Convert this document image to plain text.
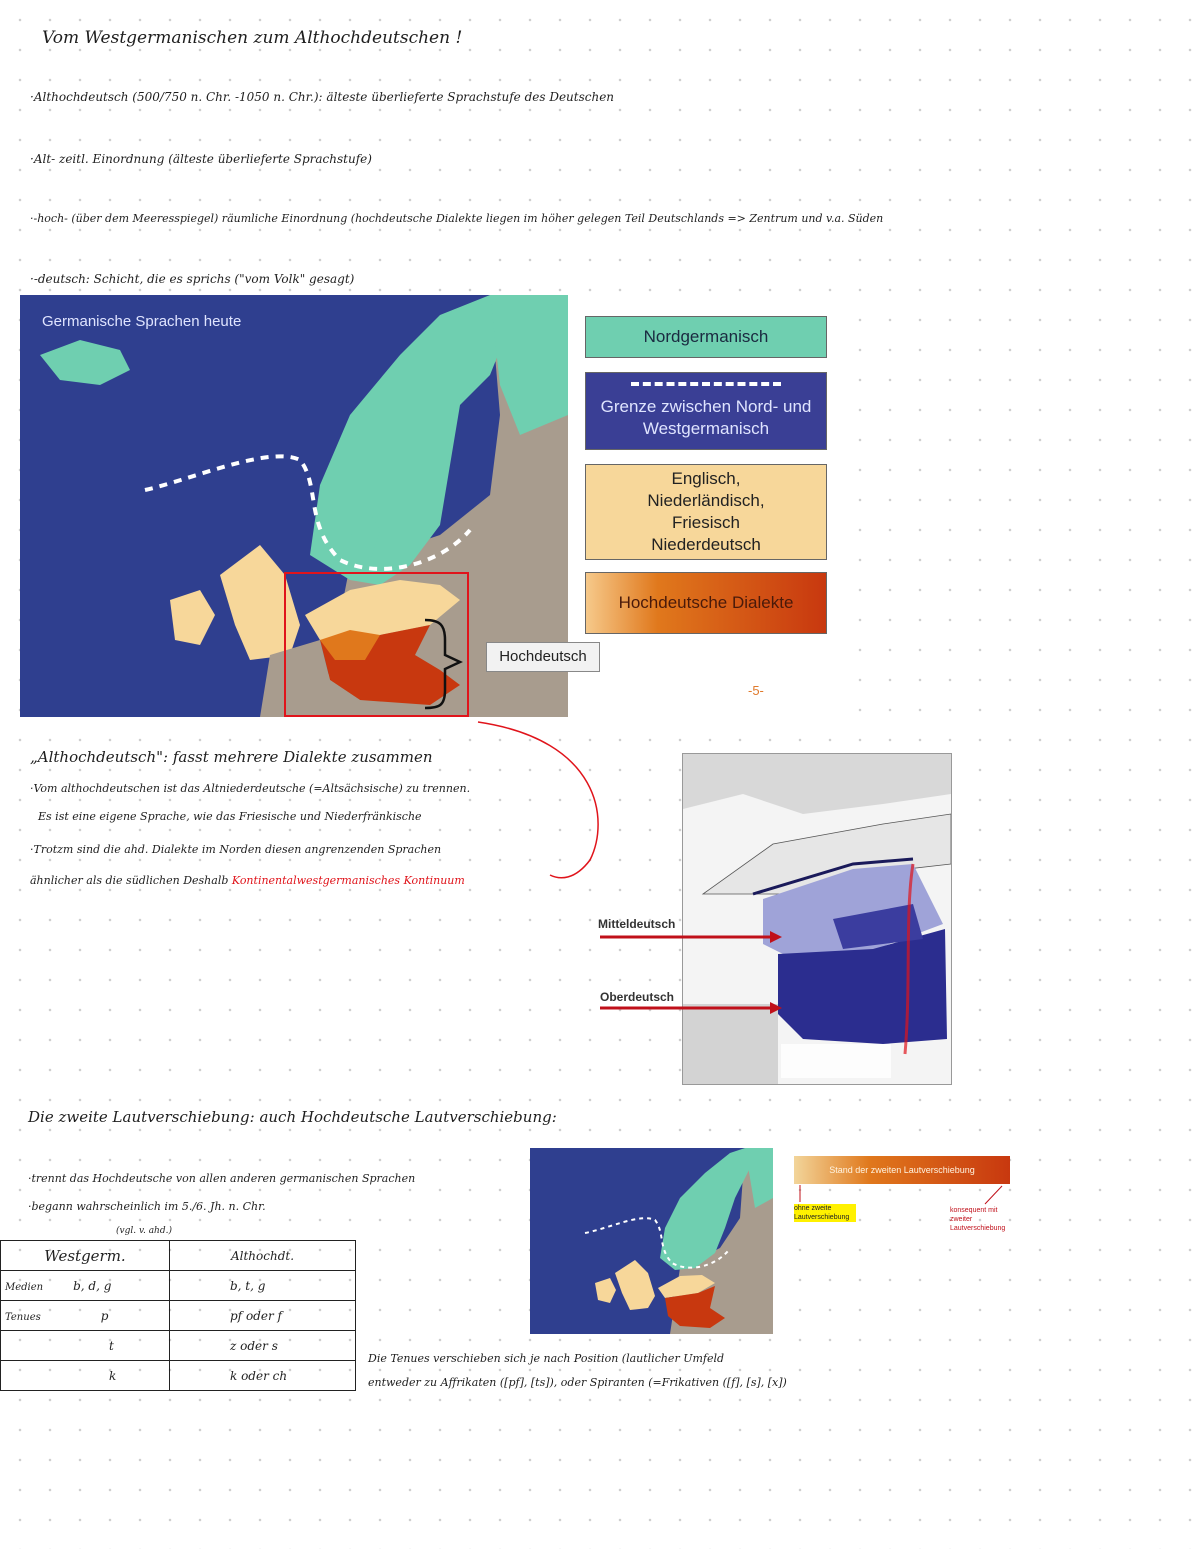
Vom Westgermanischen zum Althochdeutschen !
·Althochdeutsch (500/750 n. Chr. -1050 n. Chr.): älteste überlieferte Sprachstufe des Deutschen
·Alt- zeitl. Einordnung (älteste überlieferte Sprachstufe)
·-hoch- (über dem Meeresspiegel) räumliche Einordnung (hochdeutsche Dialekte liegen im höher gelegen Teil Deutschlands => Zentrum und v.a. Süden
·-deutsch: Schicht, die es sprichs ("vom Volk" gesagt)
Germanische Sprachen heute
Hochdeutsch
-5-
Nordgermanisch
Grenze zwischen Nord- und Westgermanisch
Englisch, Niederländisch, Friesisch Niederdeutsch
Hochdeutsche Dialekte
„Althochdeutsch": fasst mehrere Dialekte zusammen
·Vom althochdeutschen ist das Altniederdeutsche (=Altsächsische) zu trennen.
Es ist eine eigene Sprache, wie das Friesische und Niederfränkische
·Trotzm sind die ahd. Dialekte im Norden diesen angrenzenden Sprachen
ähnlicher als die südlichen Deshalb Kontinentalwestgermanisches Kontinuum
Mitteldeutsch
Oberdeutsch
Die zweite Lautverschiebung: auch Hochdeutsche Lautverschiebung:
·trennt das Hochdeutsche von allen anderen germanischen Sprachen
·begann wahrscheinlich im 5./6. Jh. n. Chr.
(vgl. v. ahd.)
Westgerm.	Althochdt.
Medien b, d, g	b, t, g
Tenues p	pf oder f
t	z oder s
k	k oder ch
Die Tenues verschieben sich je nach Position (lautlicher Umfeld
entweder zu Affrikaten ([pf], [ts]), oder Spiranten (=Frikativen ([f], [s], [x])
Stand der zweiten Lautverschiebung
ohne zweite Lautverschiebung
konsequent mit zweiter Lautverschiebung
